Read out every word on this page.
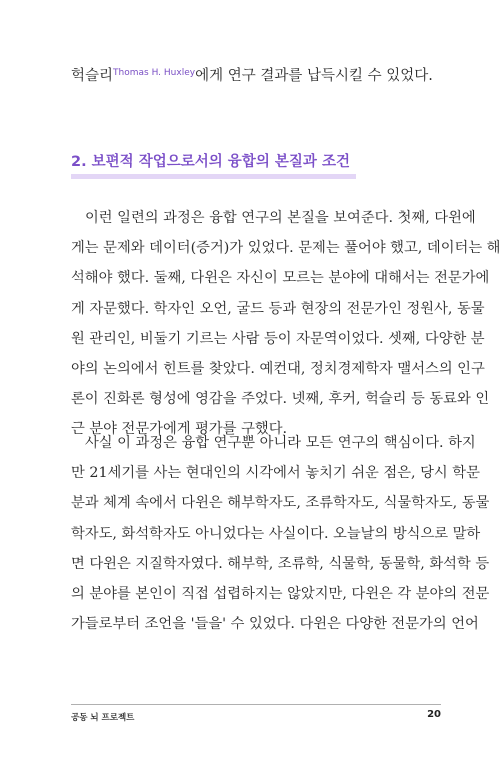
헉슬리$^{Thomas H. Huxley}$에게 연구 결과를 납득시킬 수 있었다.
2. 보편적 작업으로서의 융합의 본질과 조건
이런 일련의 과정은 융합 연구의 본질을 보여준다. 첫째, 다윈에
게는 문제와 데이터(증거)가 있었다. 문제는 풀어야 했고, 데이터는 해
석해야 했다. 둘째, 다윈은 자신이 모르는 분야에 대해서는 전문가에
게 자문했다. 학자인 오언, 굴드 등과 현장의 전문가인 정원사, 동물
원 관리인, 비둘기 기르는 사람 등이 자문역이었다. 셋째, 다양한 분
야의 논의에서 힌트를 찾았다. 예컨대, 정치경제학자 맬서스의 인구
론이 진화론 형성에 영감을 주었다. 넷째, 후커, 헉슬리 등 동료와 인
근 분야 전문가에게 평가를 구했다.
사실 이 과정은 융합 연구뿐 아니라 모든 연구의 핵심이다. 하지
만 21세기를 사는 현대인의 시각에서 놓치기 쉬운 점은, 당시 학문
분과 체계 속에서 다윈은 해부학자도, 조류학자도, 식물학자도, 동물
학자도, 화석학자도 아니었다는 사실이다. 오늘날의 방식으로 말하
면 다윈은 지질학자였다. 해부학, 조류학, 식물학, 동물학, 화석학 등
의 분야를 본인이 직접 섭렵하지는 않았지만, 다윈은 각 분야의 전문
가들로부터 조언을 '들을' 수 있었다. 다윈은 다양한 전문가의 언어
공동 뇌 프로젝트	20
